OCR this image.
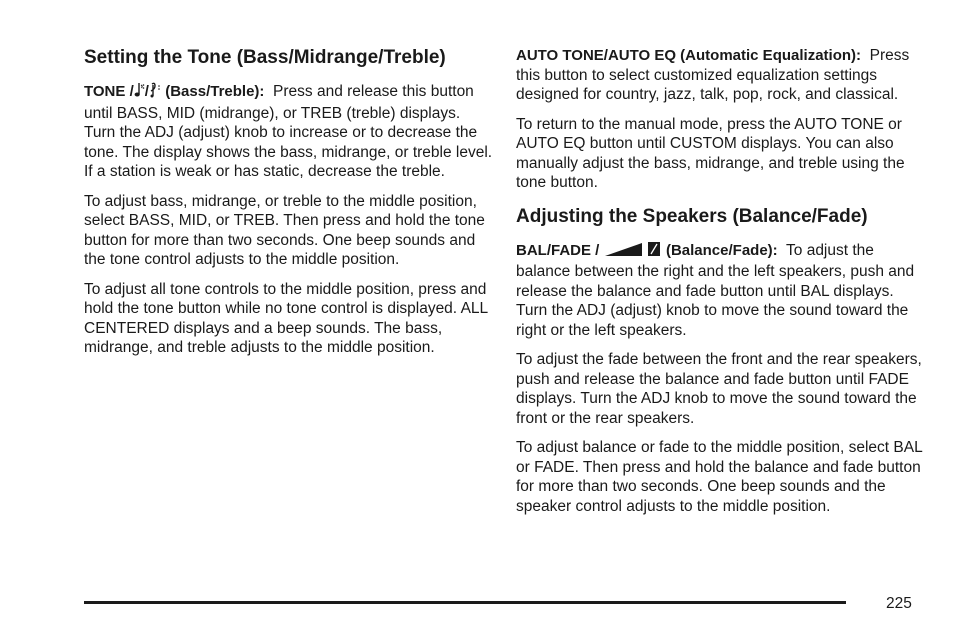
Setting the Tone (Bass/Midrange/Treble)

TONE / / (Bass/Treble): Press and release this button until BASS, MID (midrange), or TREB (treble) displays. Turn the ADJ (adjust) knob to increase or to decrease the tone. The display shows the bass, midrange, or treble level. If a station is weak or has static, decrease the treble.

To adjust bass, midrange, or treble to the middle position, select BASS, MID, or TREB. Then press and hold the tone button for more than two seconds. One beep sounds and the tone control adjusts to the middle position.

To adjust all tone controls to the middle position, press and hold the tone button while no tone control is displayed. ALL CENTERED displays and a beep sounds. The bass, midrange, and treble adjusts to the middle position.

AUTO TONE/AUTO EQ (Automatic Equalization): Press this button to select customized equalization settings designed for country, jazz, talk, pop, rock, and classical.

To return to the manual mode, press the AUTO TONE or AUTO EQ button until CUSTOM displays. You can also manually adjust the bass, midrange, and treble using the tone button.

Adjusting the Speakers (Balance/Fade)

BAL/FADE /	(Balance/Fade): To adjust the balance between the right and the left speakers, push and release the balance and fade button until BAL displays. Turn the ADJ (adjust) knob to move the sound toward the right or the left speakers.

To adjust the fade between the front and the rear speakers, push and release the balance and fade button until FADE displays. Turn the ADJ knob to move the sound toward the front or the rear speakers.

To adjust balance or fade to the middle position, select BAL or FADE. Then press and hold the balance and fade button for more than two seconds. One beep sounds and the speaker control adjusts to the middle position.

225
